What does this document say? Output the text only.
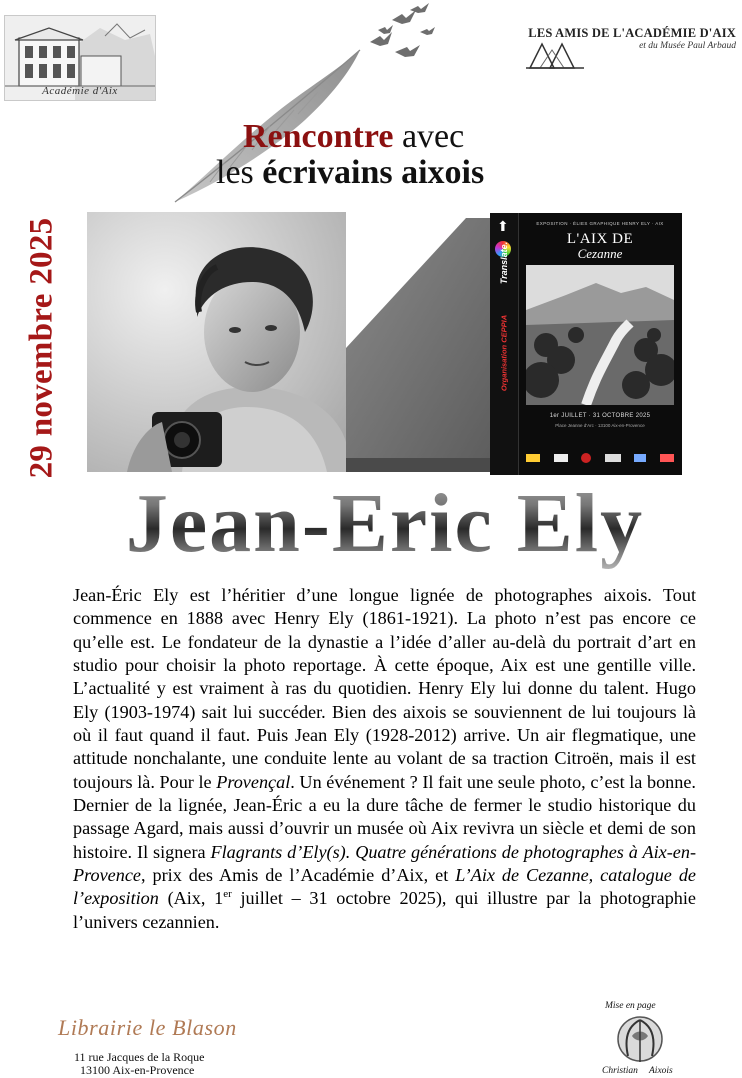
Académie d'Aix
LES AMIS DE L'ACADÉMIE D'AIX
et du Musée Paul Arbaud
Rencontre avec
les écrivains aixois
29 novembre 2025	⬆
Translate.
Organisation CEPPIA
EXPOSITION · ÉLIES GRAPHIQUE HENRY ELY · AIX
L'AIX DE
Cezanne
1er JUILLET · 31 OCTOBRE 2025
Place Jeanne d'Arc · 13100 Aix-en-Provence
Jean-Eric Ely
Jean-Éric Ely est l’héritier d’une longue lignée de photographes aixois. Tout commence en 1888 avec Henry Ely (1861-1921). La photo n’est pas encore ce qu’elle est. Le fondateur de la dynastie a l’idée d’aller au-delà du portrait d’art en studio pour choisir la photo reportage. À cette époque, Aix est une gentille ville. L’actualité y est vraiment à ras du quotidien. Henry Ely lui donne du talent. Hugo Ely (1903-1974) sait lui succéder. Bien des aixois se souviennent de lui toujours là où il faut quand il faut. Puis Jean Ely (1928-2012) arrive. Un air flegmatique, une attitude nonchalante, une conduite lente au volant de sa traction Citroën, mais il est toujours là. Pour le Provençal. Un événement ? Il fait une seule photo, c’est la bonne. Dernier de la lignée, Jean-Éric a eu la dure tâche de fermer le studio historique du passage Agard, mais aussi d’ouvrir un musée où Aix revivra un siècle et demi de son histoire. Il signera Flagrants d’Ely(s). Quatre générations de photographes à Aix-en-Provence, prix des Amis de l’Académie d’Aix, et L’Aix de Cezanne, catalogue de l’exposition (Aix, 1er juillet – 31 octobre 2025), qui illustre par la photographie l’univers cezannien.
Librairie le Blason
11 rue Jacques de la Roque
13100 Aix-en-Provence
Mise en page
Christian Aixois
